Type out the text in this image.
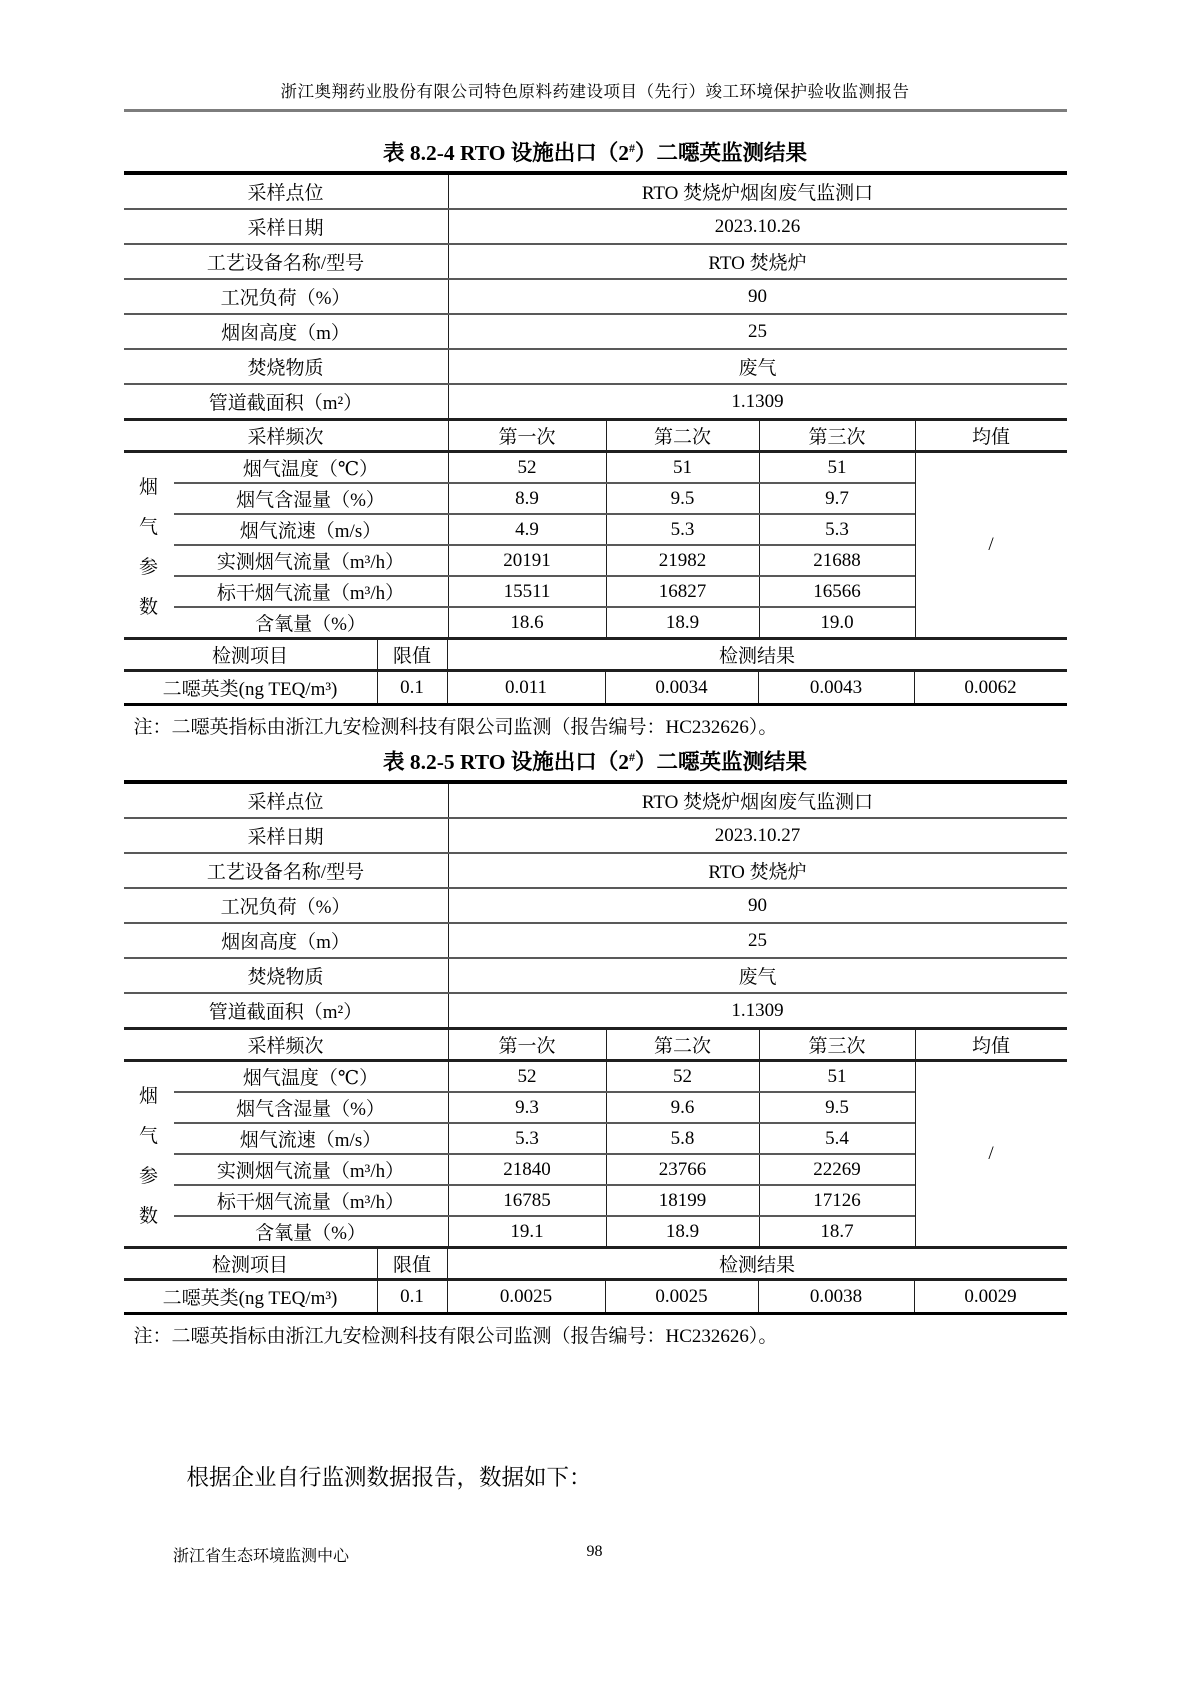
浙江奥翔药业股份有限公司特色原料药建设项目（先行）竣工环境保护验收监测报告
表 8.2-4 RTO 设施出口（2#）二噁英监测结果
采样点位	RTO 焚烧炉烟囱废气监测口
采样日期	2023.10.26
工艺设备名称/型号	RTO 焚烧炉
工况负荷（%）	90
烟囱高度（m）	25
焚烧物质	废气
管道截面积（m²）	1.1309
采样频次	第一次	第二次	第三次	均值
烟
气
参
数
烟气温度（℃）	52	51	51
烟气含湿量（%）	8.9	9.5	9.7
烟气流速（m/s）	4.9	5.3	5.3
实测烟气流量（m³/h）	20191	21982	21688
标干烟气流量（m³/h）	15511	16827	16566
含氧量（%）	18.6	18.9	19.0
/
检测项目	限值	检测结果
二噁英类(ng TEQ/m³)	0.1	0.011	0.0034	0.0043	0.0062
注：二噁英指标由浙江九安检测科技有限公司监测（报告编号：HC232626）。
表 8.2-5 RTO 设施出口（2#）二噁英监测结果
采样点位	RTO 焚烧炉烟囱废气监测口
采样日期	2023.10.27
工艺设备名称/型号	RTO 焚烧炉
工况负荷（%）	90
烟囱高度（m）	25
焚烧物质	废气
管道截面积（m²）	1.1309
采样频次	第一次	第二次	第三次	均值
烟
气
参
数
烟气温度（℃）	52	52	51
烟气含湿量（%）	9.3	9.6	9.5
烟气流速（m/s）	5.3	5.8	5.4
实测烟气流量（m³/h）	21840	23766	22269
标干烟气流量（m³/h）	16785	18199	17126
含氧量（%）	19.1	18.9	18.7
/
检测项目	限值	检测结果
二噁英类(ng TEQ/m³)	0.1	0.0025	0.0025	0.0038	0.0029
注：二噁英指标由浙江九安检测科技有限公司监测（报告编号：HC232626）。

根据企业自行监测数据报告，数据如下：

浙江省生态环境监测中心	98
